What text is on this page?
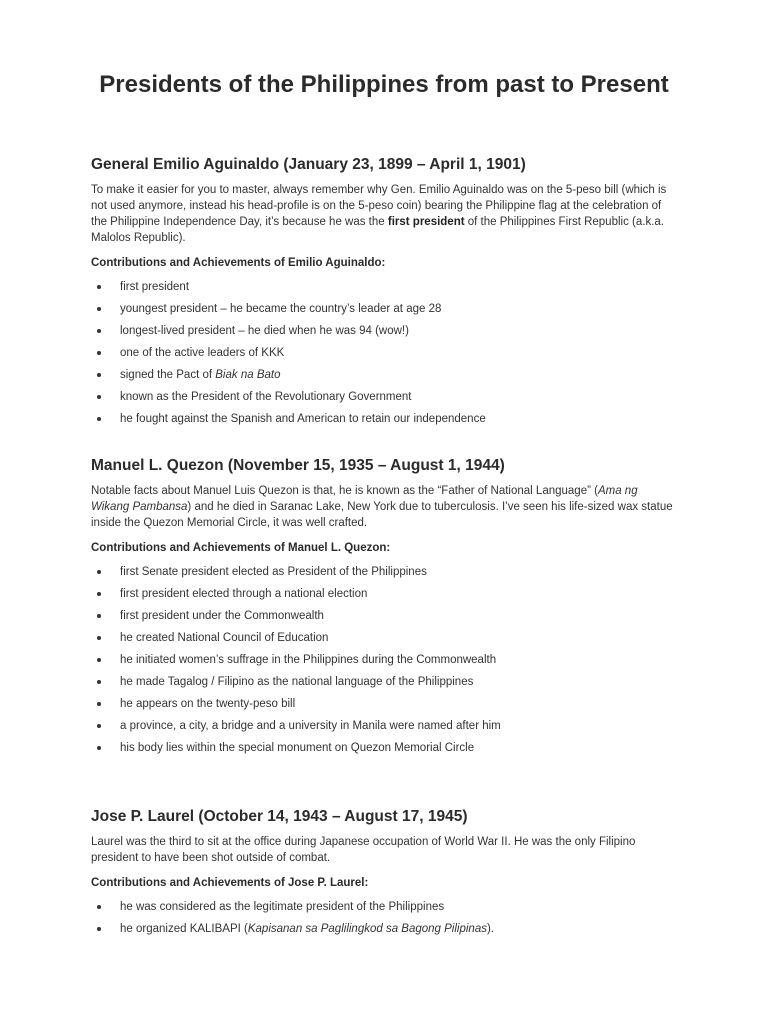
Presidents of the Philippines from past to Present
General Emilio Aguinaldo (January 23, 1899 – April 1, 1901)

To make it easier for you to master, always remember why Gen. Emilio Aguinaldo was on the 5-peso bill (which is not used anymore, instead his head-profile is on the 5-peso coin) bearing the Philippine flag at the celebration of the Philippine Independence Day, it’s because he was the first president of the Philippines First Republic (a.k.a. Malolos Republic).

Contributions and Achievements of Emilio Aguinaldo:
first president
youngest president – he became the country’s leader at age 28
longest-lived president – he died when he was 94 (wow!)
one of the active leaders of KKK
signed the Pact of Biak na Bato
known as the President of the Revolutionary Government
he fought against the Spanish and American to retain our independence
Manuel L. Quezon (November 15, 1935 – August 1, 1944)

Notable facts about Manuel Luis Quezon is that, he is known as the “Father of National Language” (Ama ng Wikang Pambansa) and he died in Saranac Lake, New York due to tuberculosis. I’ve seen his life-sized wax statue inside the Quezon Memorial Circle, it was well crafted.

Contributions and Achievements of Manuel L. Quezon:
first Senate president elected as President of the Philippines
first president elected through a national election
first president under the Commonwealth
he created National Council of Education
he initiated women’s suffrage in the Philippines during the Commonwealth
he made Tagalog / Filipino as the national language of the Philippines
he appears on the twenty-peso bill
a province, a city, a bridge and a university in Manila were named after him
his body lies within the special monument on Quezon Memorial Circle
Jose P. Laurel (October 14, 1943 – August 17, 1945)

Laurel was the third to sit at the office during Japanese occupation of World War II. He was the only Filipino president to have been shot outside of combat.

Contributions and Achievements of Jose P. Laurel:
he was considered as the legitimate president of the Philippines
he organized KALIBAPI (Kapisanan sa Paglilingkod sa Bagong Pilipinas).
